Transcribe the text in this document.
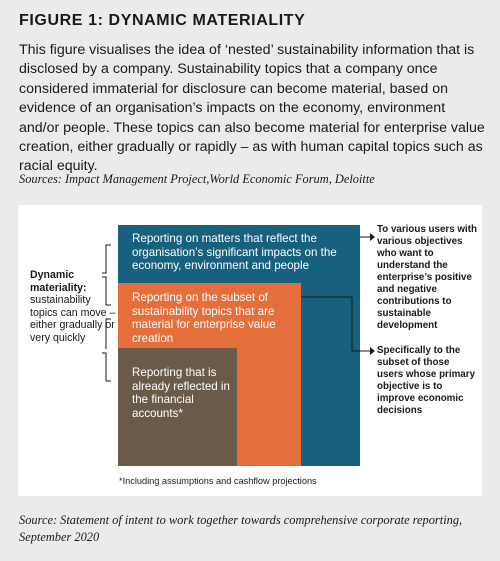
FIGURE 1: DYNAMIC MATERIALITY

This figure visualises the idea of ‘nested’ sustainability information that is disclosed by a company. Sustainability topics that a company once considered immaterial for disclosure can become material, based on evidence of an organisation’s impacts on the economy, environment and/or people. These topics can also become material for enterprise value creation, either gradually or rapidly – as with human capital topics such as racial equity.

Sources: Impact Management Project,World Economic Forum, Deloitte

Reporting on matters that reflect the organisation’s significant impacts on the economy, environment and people

Reporting on the subset of sustainability topics that are material for enterprise value creation

Reporting that is already reflected in the financial accounts*

Dynamic materiality: sustainability topics can move – either gradually or very quickly

To various users with various objectives who want to understand the enterprise’s positive and negative contributions to sustainable development

Specifically to the subset of those users whose primary objective is to improve economic decisions

*Including assumptions and cashflow projections

Source: Statement of intent to work together towards comprehensive corporate reporting, September 2020
